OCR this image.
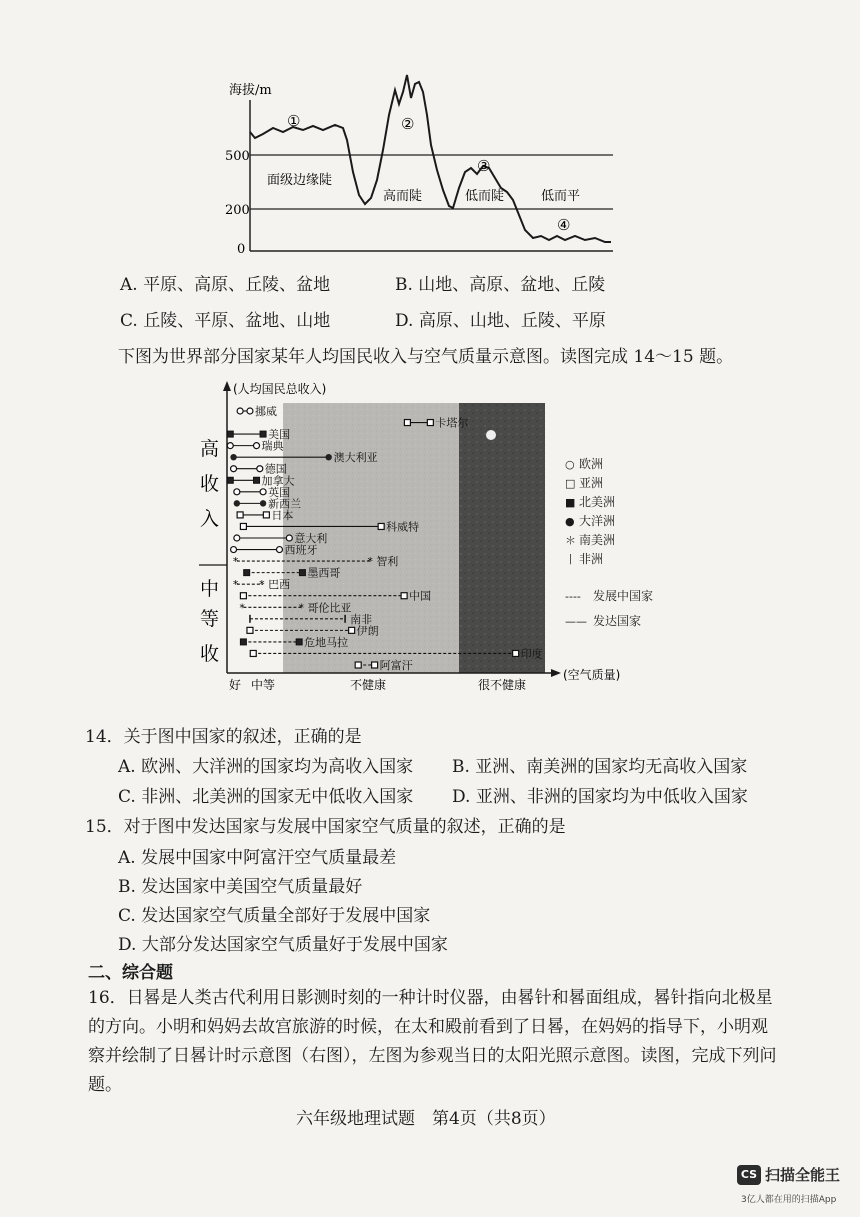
海拔/m
500
200
0
①	②
③
④
面级边缘陡
高而陡	低而陡	低而平
A. 平原、高原、丘陵、盆地	B. 山地、高原、盆地、丘陵
C. 丘陵、平原、盆地、山地	D. 高原、山地、丘陵、平原
下图为世界部分国家某年人均国民收入与空气质量示意图。读图完成 14～15 题。
(人均国民总收入)
(空气质量)
高
收
入
中
等
收
好 中等	不健康	很不健康
挪威
卡塔尔
美国
瑞典
澳大利亚
德国
加拿大
英国
新西兰
日本
科威特
意大利
西班牙
*	* 智利
墨西哥
* * 巴西
中国
*	* 哥伦比亚
南非
伊朗
危地马拉
印度
阿富汗
○ 欧洲
□ 亚洲
■ 北美洲
● 大洋洲
＊ 南美洲
丨 非洲
---- 发展中国家
—— 发达国家
14．关于图中国家的叙述，正确的是
A. 欧洲、大洋洲的国家均为高收入国家 B. 亚洲、南美洲的国家均无高收入国家
C. 非洲、北美洲的国家无中低收入国家 D. 亚洲、非洲的国家均为中低收入国家
15．对于图中发达国家与发展中国家空气质量的叙述，正确的是
A. 发展中国家中阿富汗空气质量最差
B. 发达国家中美国空气质量最好
C. 发达国家空气质量全部好于发展中国家
D. 大部分发达国家空气质量好于发展中国家
二、综合题
16．日晷是人类古代利用日影测时刻的一种计时仪器，由晷针和晷面组成，晷针指向北极星的方向。小明和妈妈去故宫旅游的时候，在太和殿前看到了日晷，在妈妈的指导下，小明观察并绘制了日晷计时示意图（右图），左图为参观当日的太阳光照示意图。读图，完成下列问题。
六年级地理试题　第4页（共8页）
CS 扫描全能王
3亿人都在用的扫描App
